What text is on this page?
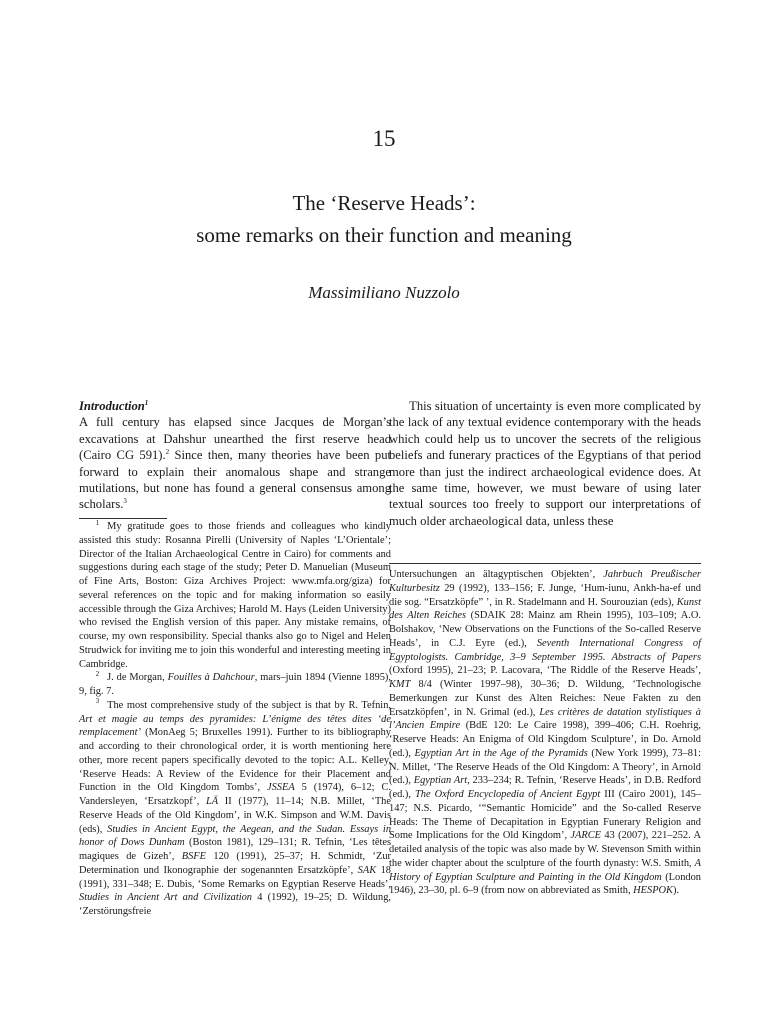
15
The ‘Reserve Heads’:
some remarks on their function and meaning
Massimiliano Nuzzolo

Introduction$^1$

A full century has elapsed since Jacques de Morgan’s excavations at Dahshur unearthed the first reserve head (Cairo CG 591).$^2$ Since then, many theories have been put forward to explain their anomalous shape and strange mutilations, but none has found a general consensus among scholars.$^3$

$^1$ My gratitude goes to those friends and colleagues who kindly assisted this study: Rosanna Pirelli (University of Naples ‘L’Orientale’; Director of the Italian Archaeological Centre in Cairo) for comments and suggestions during each stage of the study; Peter D. Manuelian (Museum of Fine Arts, Boston: Giza Archives Project: www.mfa.org/giza) for several references on the topic and for making information so easily accessible through the Giza Archives; Harold M. Hays (Leiden University) who revised the English version of this paper. Any mistake remains, of course, my own responsibility. Special thanks also go to Nigel and Helen Strudwick for inviting me to join this wonderful and interesting meeting in Cambridge.

$^2$ J. de Morgan, Fouilles à Dahchour, mars–juin 1894 (Vienne 1895), 9, fig. 7.

$^3$ The most comprehensive study of the subject is that by R. Tefnin, Art et magie au temps des pyramides: L’énigme des têtes dites ‘de remplacement’ (MonAeg 5; Bruxelles 1991). Further to its bibliography and according to their chronological order, it is worth mentioning here other, more recent papers specifically devoted to the topic: A.L. Kelley, ‘Reserve Heads: A Review of the Evidence for their Placement and Function in the Old Kingdom Tombs’, JSSEA 5 (1974), 6–12; C. Vandersleyen, ‘Ersatzkopf’, LÄ II (1977), 11–14; N.B. Millet, ‘The Reserve Heads of the Old Kingdom’, in W.K. Simpson and W.M. Davis (eds), Studies in Ancient Egypt, the Aegean, and the Sudan. Essays in honor of Dows Dunham (Boston 1981), 129–131; R. Tefnin, ‘Les têtes magiques de Gizeh’, BSFE 120 (1991), 25–37; H. Schmidt, ‘Zur Determination und Ikonographie der sogenannten Ersatzköpfe’, SAK 18 (1991), 331–348; E. Dubis, ‘Some Remarks on Egyptian Reserve Heads’, Studies in Ancient Art and Civilization 4 (1992), 19–25; D. Wildung, ‘Zerstörungsfreie

This situation of uncertainty is even more complicated by the lack of any textual evidence contemporary with the heads which could help us to uncover the secrets of the religious beliefs and funerary practices of the Egyptians of that period more than just the indirect archaeological evidence does. At the same time, however, we must beware of using later textual sources too freely to support our interpretations of much older archaeological data, unless these

Untersuchungen an ältagyptischen Objekten’, Jahrbuch Preußischer Kulturbesitz 29 (1992), 133–156; F. Junge, ‘Hum-iunu, Ankh-ha-ef und die sog. “Ersatzköpfe” ’, in R. Stadelmann and H. Sourouzian (eds), Kunst des Alten Reiches (SDAIK 28: Mainz am Rhein 1995), 103–109; A.O. Bolshakov, ‘New Observations on the Functions of the So-called Reserve Heads’, in C.J. Eyre (ed.), Seventh International Congress of Egyptologists. Cambridge, 3–9 September 1995. Abstracts of Papers (Oxford 1995), 21–23; P. Lacovara, ‘The Riddle of the Reserve Heads’, KMT 8/4 (Winter 1997–98), 30–36; D. Wildung, ‘Technologische Bemerkungen zur Kunst des Alten Reiches: Neue Fakten zu den Ersatzköpfen’, in N. Grimal (ed.), Les critères de datation stylistiques à l’Ancien Empire (BdE 120: Le Caire 1998), 399–406; C.H. Roehrig, ‘Reserve Heads: An Enigma of Old Kingdom Sculpture’, in Do. Arnold (ed.), Egyptian Art in the Age of the Pyramids (New York 1999), 73–81: N. Millet, ‘The Reserve Heads of the Old Kingdom: A Theory’, in Arnold (ed.), Egyptian Art, 233–234; R. Tefnin, ‘Reserve Heads’, in D.B. Redford (ed.), The Oxford Encyclopedia of Ancient Egypt III (Cairo 2001), 145–147; N.S. Picardo, ‘“Semantic Homicide” and the So-called Reserve Heads: The Theme of Decapitation in Egyptian Funerary Religion and Some Implications for the Old Kingdom’, JARCE 43 (2007), 221–252. A detailed analysis of the topic was also made by W. Stevenson Smith within the wider chapter about the sculpture of the fourth dynasty: W.S. Smith, A History of Egyptian Sculpture and Painting in the Old Kingdom (London 1946), 23–30, pl. 6–9 (from now on abbreviated as Smith, HESPOK).
